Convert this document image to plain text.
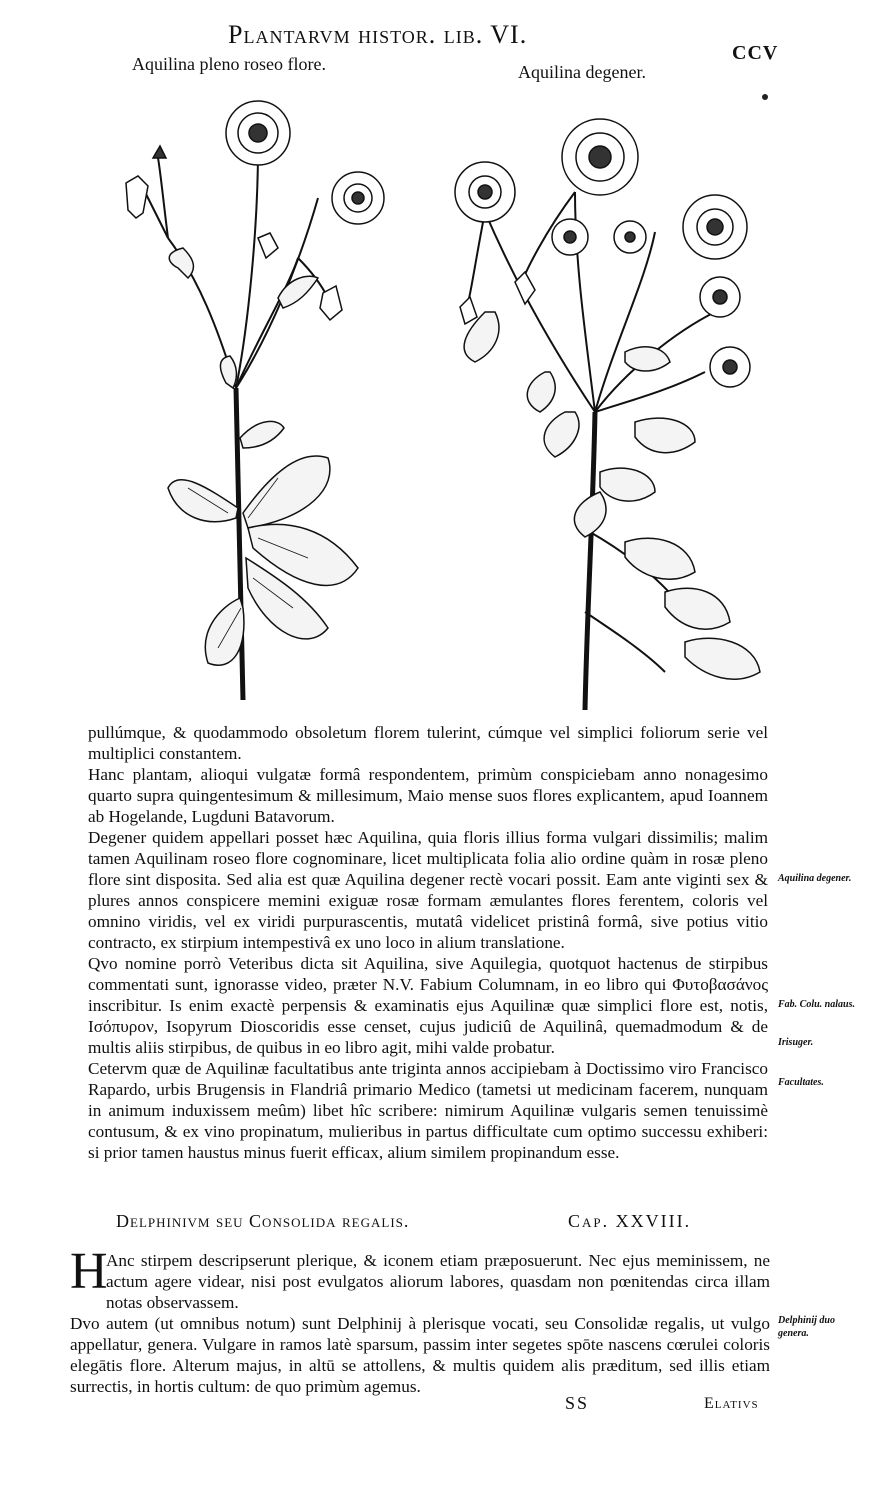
Plantarvm histor. lib. VI.
CCV
Aquilina pleno roseo flore.	Aquilina degener.

pullúmque, & quodammodo obsoletum florem tulerint, cúmque vel simplici foliorum serie vel multiplici constantem.

Hanc plantam, alioqui vulgatæ formâ respondentem, primùm conspiciebam anno nonagesimo quarto supra quingentesimum & millesimum, Maio mense suos flores explicantem, apud Ioannem ab Hogelande, Lugduni Batavorum.

Degener quidem appellari posset hæc Aquilina, quia floris illius forma vulgari dissimilis; malim tamen Aquilinam roseo flore cognominare, licet multiplicata folia alio ordine quàm in rosæ pleno flore sint disposita. Sed alia est quæ Aquilina degener rectè vocari possit. Eam ante viginti sex & plures annos conspicere memini exiguæ rosæ formam æmulantes flores ferentem, coloris vel omnino viridis, vel ex viridi purpurascentis, mutatâ videlicet pristinâ formâ, sive potius vitio contracto, ex stirpium intempestivâ ex uno loco in alium translatione.

Qvo nomine porrò Veteribus dicta sit Aquilina, sive Aquilegia, quotquot hactenus de stirpibus commentati sunt, ignorasse video, præter N.V. Fabium Columnam, in eo libro qui Φυτοβασάνος inscribitur. Is enim exactè perpensis & examinatis ejus Aquilinæ quæ simplici flore est, notis, Ισόπυρον, Isopyrum Dioscoridis esse censet, cujus judiciû de Aquilinâ, quemadmodum & de multis aliis stirpibus, de quibus in eo libro agit, mihi valde probatur.

Cetervm quæ de Aquilinæ facultatibus ante triginta annos accipiebam à Doctissimo viro Francisco Rapardo, urbis Brugensis in Flandriâ primario Medico (tametsi ut medicinam facerem, nunquam in animum induxissem meûm) libet hîc scribere: nimirum Aquilinæ vulgaris semen tenuissimè contusum, & ex vino propinatum, mulieribus in partus difficultate cum optimo successu exhiberi: si prior tamen haustus minus fuerit efficax, alium similem propinandum esse.

Aquilina degener.
Fab. Colu. nalaus.
Irisuger.
Facultates.
Delphinivm seu Consolida regalis.	Cap. XXVIII.
H

Anc stirpem descripserunt plerique, & iconem etiam præposuerunt. Nec ejus meminissem, ne actum agere videar, nisi post evulgatos aliorum labores, quasdam non pœnitendas circa illam notas observassem.

Dvo autem (ut omnibus notum) sunt Delphinij à plerisque vocati, seu Consolidæ regalis, ut vulgo appellatur, genera. Vulgare in ramos latè sparsum, passim inter segetes spōte nascens cœrulei coloris elegātis flore. Alterum majus, in altū se attollens, & multis quidem alis præditum, sed illis etiam surrectis, in hortis cultum: de quo primùm agemus.

Delphinij duo genera.
SS	Elativs
